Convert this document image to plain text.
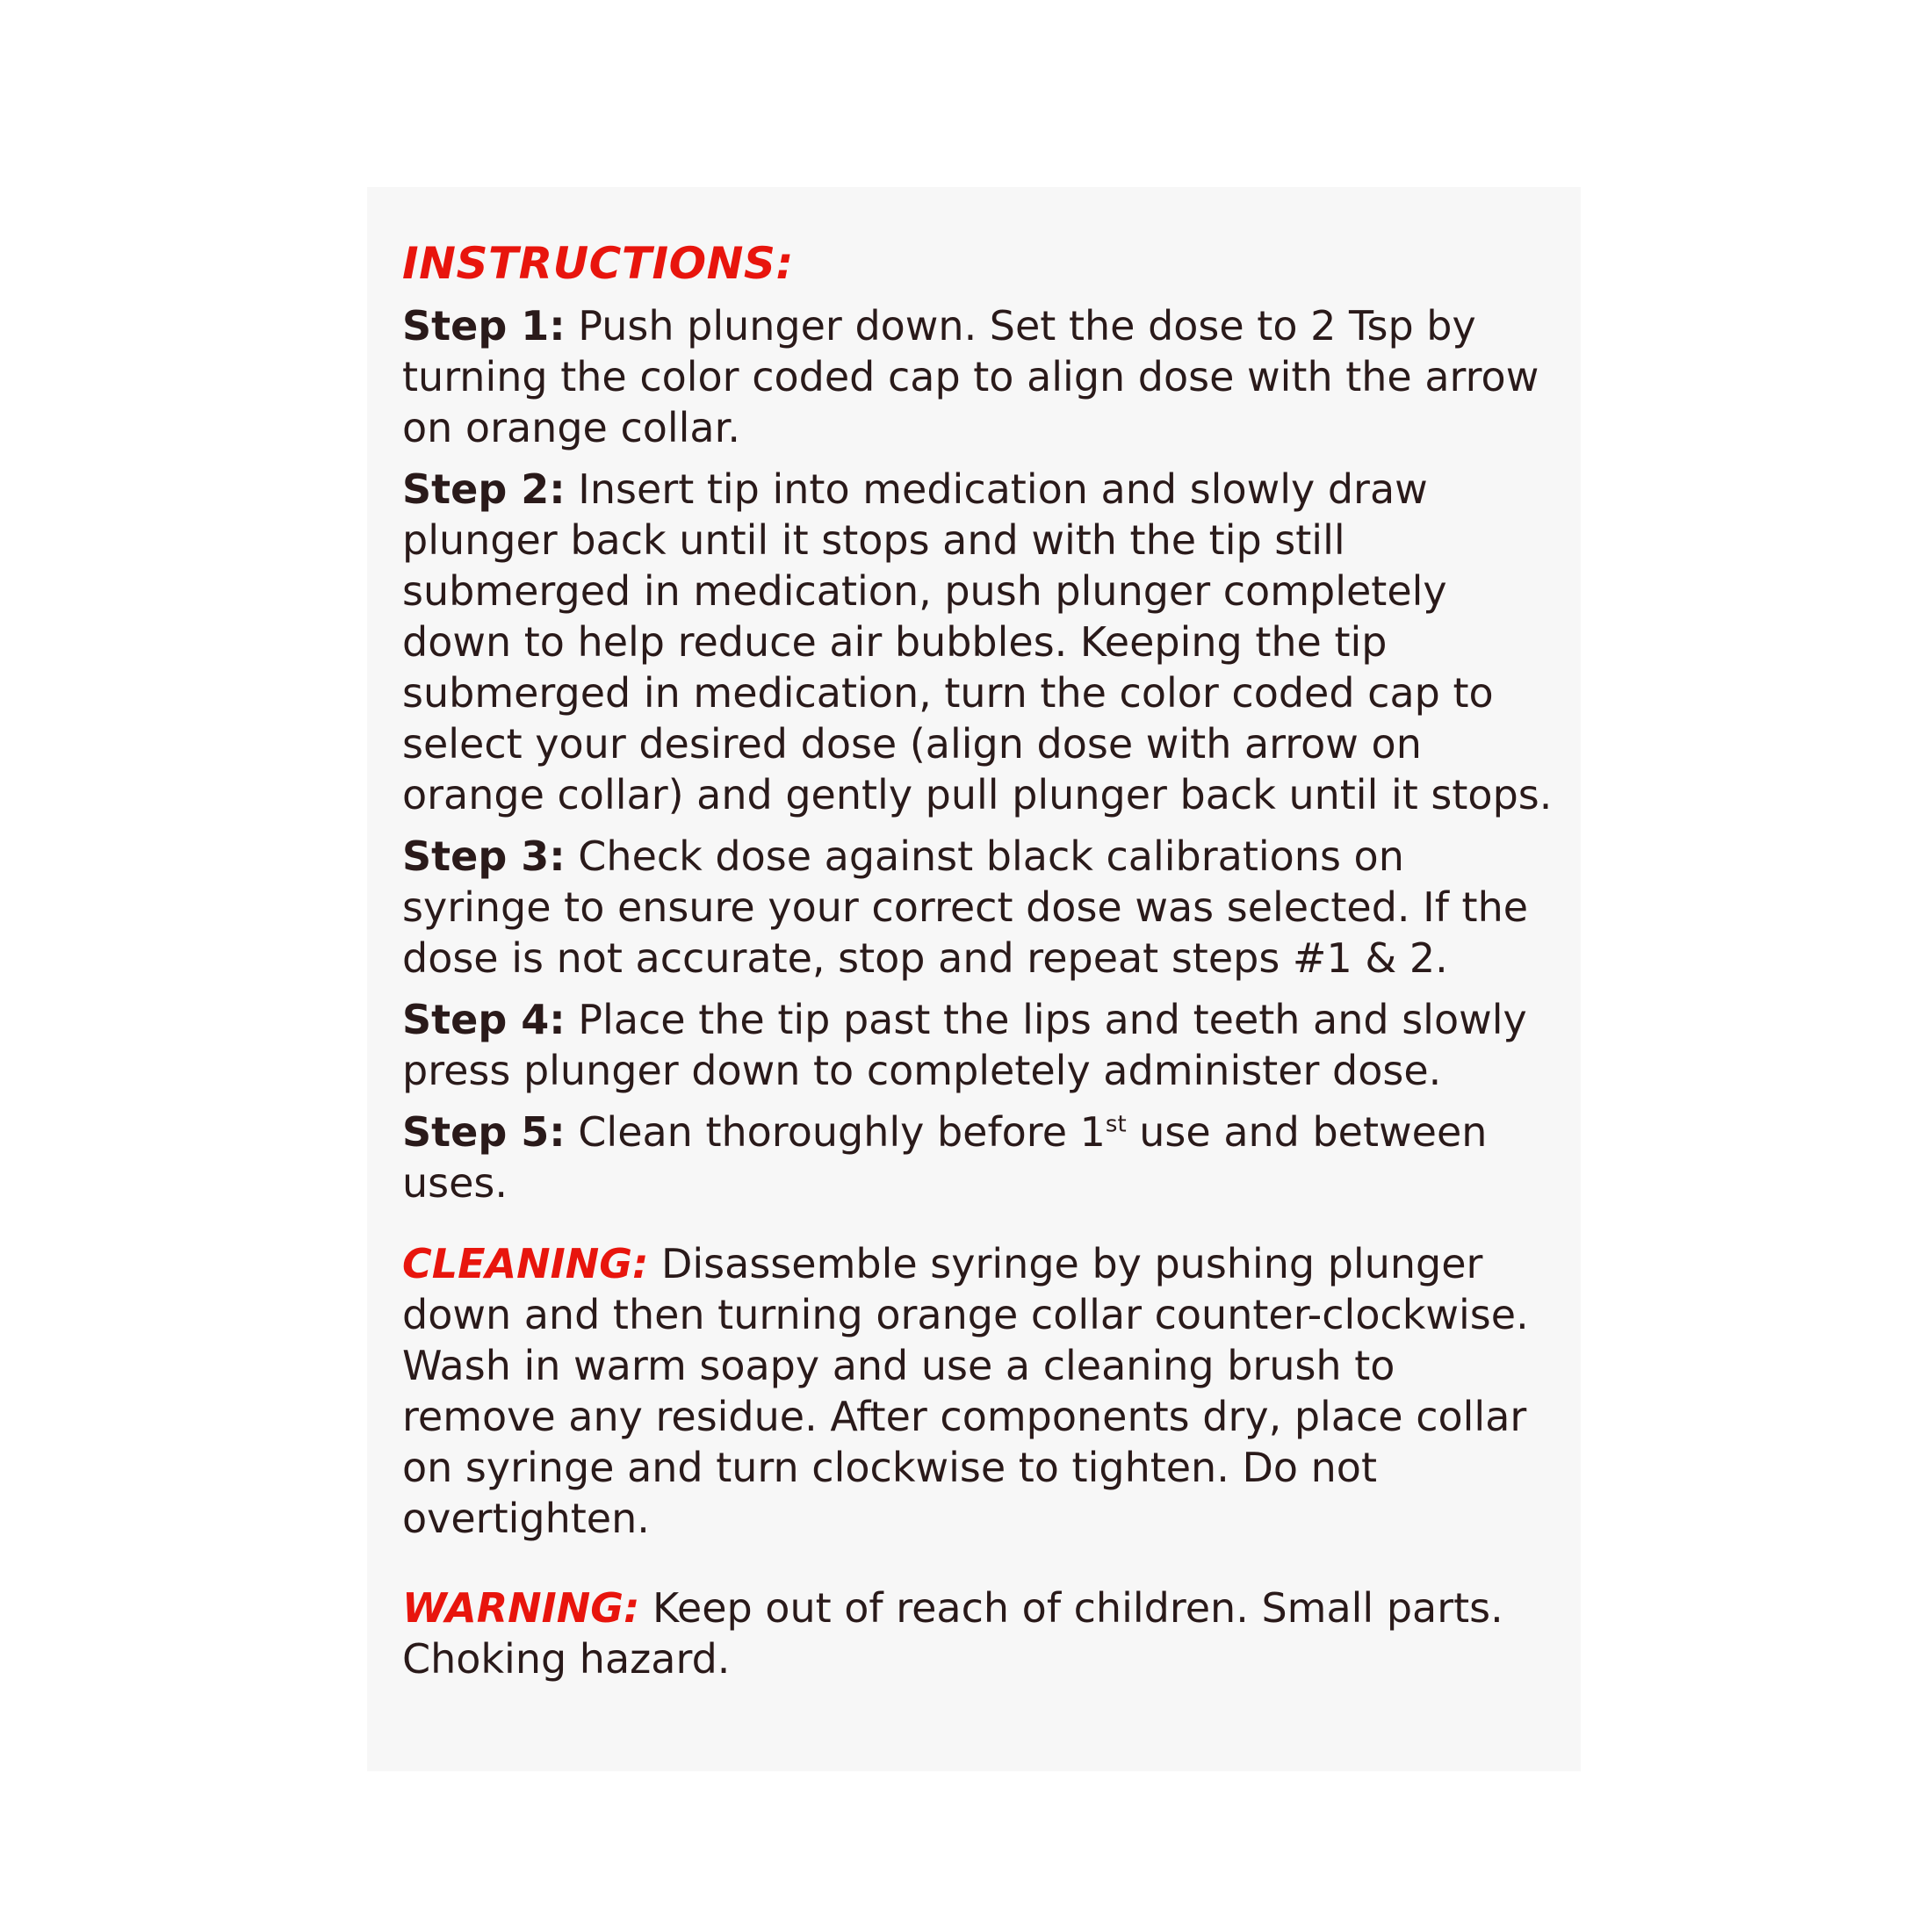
INSTRUCTIONS:

Step 1: Push plunger down. Set the dose to 2 Tsp by turning the color coded cap to align dose with the arrow on orange collar.

Step 2: Insert tip into medication and slowly draw plunger back until it stops and with the tip still submerged in medication, push plunger completely down to help reduce air bubbles. Keeping the tip submerged in medication, turn the color coded cap to select your desired dose (align dose with arrow on orange collar) and gently pull plunger back until it stops.

Step 3: Check dose against black calibrations on syringe to ensure your correct dose was selected. If the dose is not accurate, stop and repeat steps #1 & 2.

Step 4: Place the tip past the lips and teeth and slowly press plunger down to completely administer dose.

Step 5: Clean thoroughly before 1st use and between uses.

CLEANING: Disassemble syringe by pushing plunger down and then turning orange collar counter-clockwise. Wash in warm soapy and use a cleaning brush to remove any residue. After components dry, place collar on syringe and turn clockwise to tighten. Do not overtighten.

WARNING: Keep out of reach of children. Small parts. Choking hazard.
